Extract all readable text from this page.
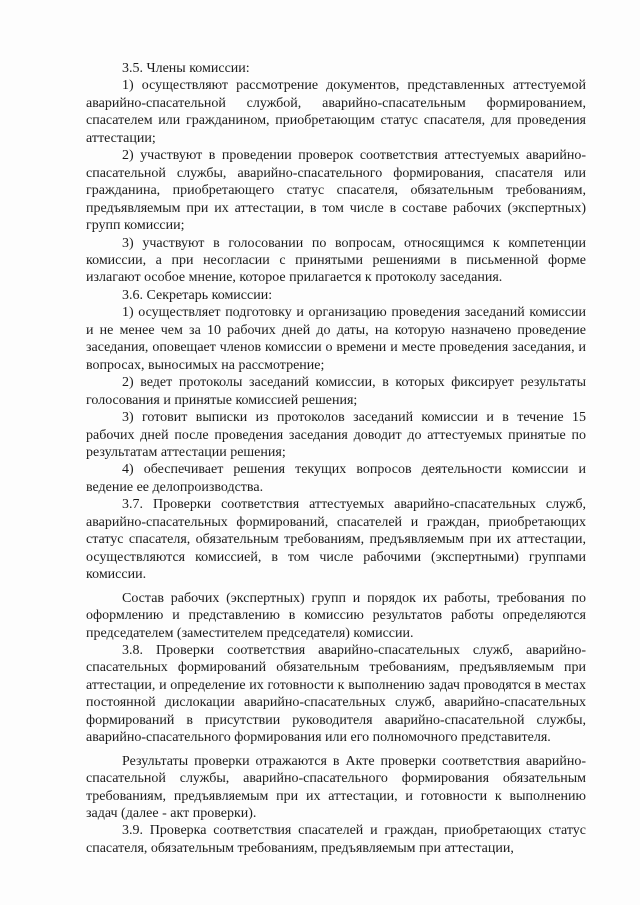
3.5. Члены комиссии:

1) осуществляют рассмотрение документов, представленных аттестуемой аварийно-спасательной службой, аварийно-спасательным формированием, спасателем или гражданином, приобретающим статус спасателя, для проведения аттестации;

2) участвуют в проведении проверок соответствия аттестуемых аварийно-спасательной службы, аварийно-спасательного формирования, спасателя или гражданина, приобретающего статус спасателя, обязательным требованиям, предъявляемым при их аттестации, в том числе в составе рабочих (экспертных) групп комиссии;

3) участвуют в голосовании по вопросам, относящимся к компетенции комиссии, а при несогласии с принятыми решениями в письменной форме излагают особое мнение, которое прилагается к протоколу заседания.

3.6. Секретарь комиссии:

1) осуществляет подготовку и организацию проведения заседаний комиссии и не менее чем за 10 рабочих дней до даты, на которую назначено проведение заседания, оповещает членов комиссии о времени и месте проведения заседания, и вопросах, выносимых на рассмотрение;

2) ведет протоколы заседаний комиссии, в которых фиксирует результаты голосования и принятые комиссией решения;

3) готовит выписки из протоколов заседаний комиссии и в течение 15 рабочих дней после проведения заседания доводит до аттестуемых принятые по результатам аттестации решения;

4) обеспечивает решения текущих вопросов деятельности комиссии и ведение ее делопроизводства.

3.7. Проверки соответствия аттестуемых аварийно-спасательных служб, аварийно-спасательных формирований, спасателей и граждан, приобретающих статус спасателя, обязательным требованиям, предъявляемым при их аттестации, осуществляются комиссией, в том числе рабочими (экспертными) группами комиссии.

Состав рабочих (экспертных) групп и порядок их работы, требования по оформлению и представлению в комиссию результатов работы определяются председателем (заместителем председателя) комиссии.

3.8. Проверки соответствия аварийно-спасательных служб, аварийно-спасательных формирований обязательным требованиям, предъявляемым при аттестации, и определение их готовности к выполнению задач проводятся в местах постоянной дислокации аварийно-спасательных служб, аварийно-спасательных формирований в присутствии руководителя аварийно-спасательной службы, аварийно-спасательного формирования или его полномочного представителя.

Результаты проверки отражаются в Акте проверки соответствия аварийно-спасательной службы, аварийно-спасательного формирования обязательным требованиям, предъявляемым при их аттестации, и готовности к выполнению задач (далее - акт проверки).

3.9. Проверка соответствия спасателей и граждан, приобретающих статус спасателя, обязательным требованиям, предъявляемым при аттестации,
